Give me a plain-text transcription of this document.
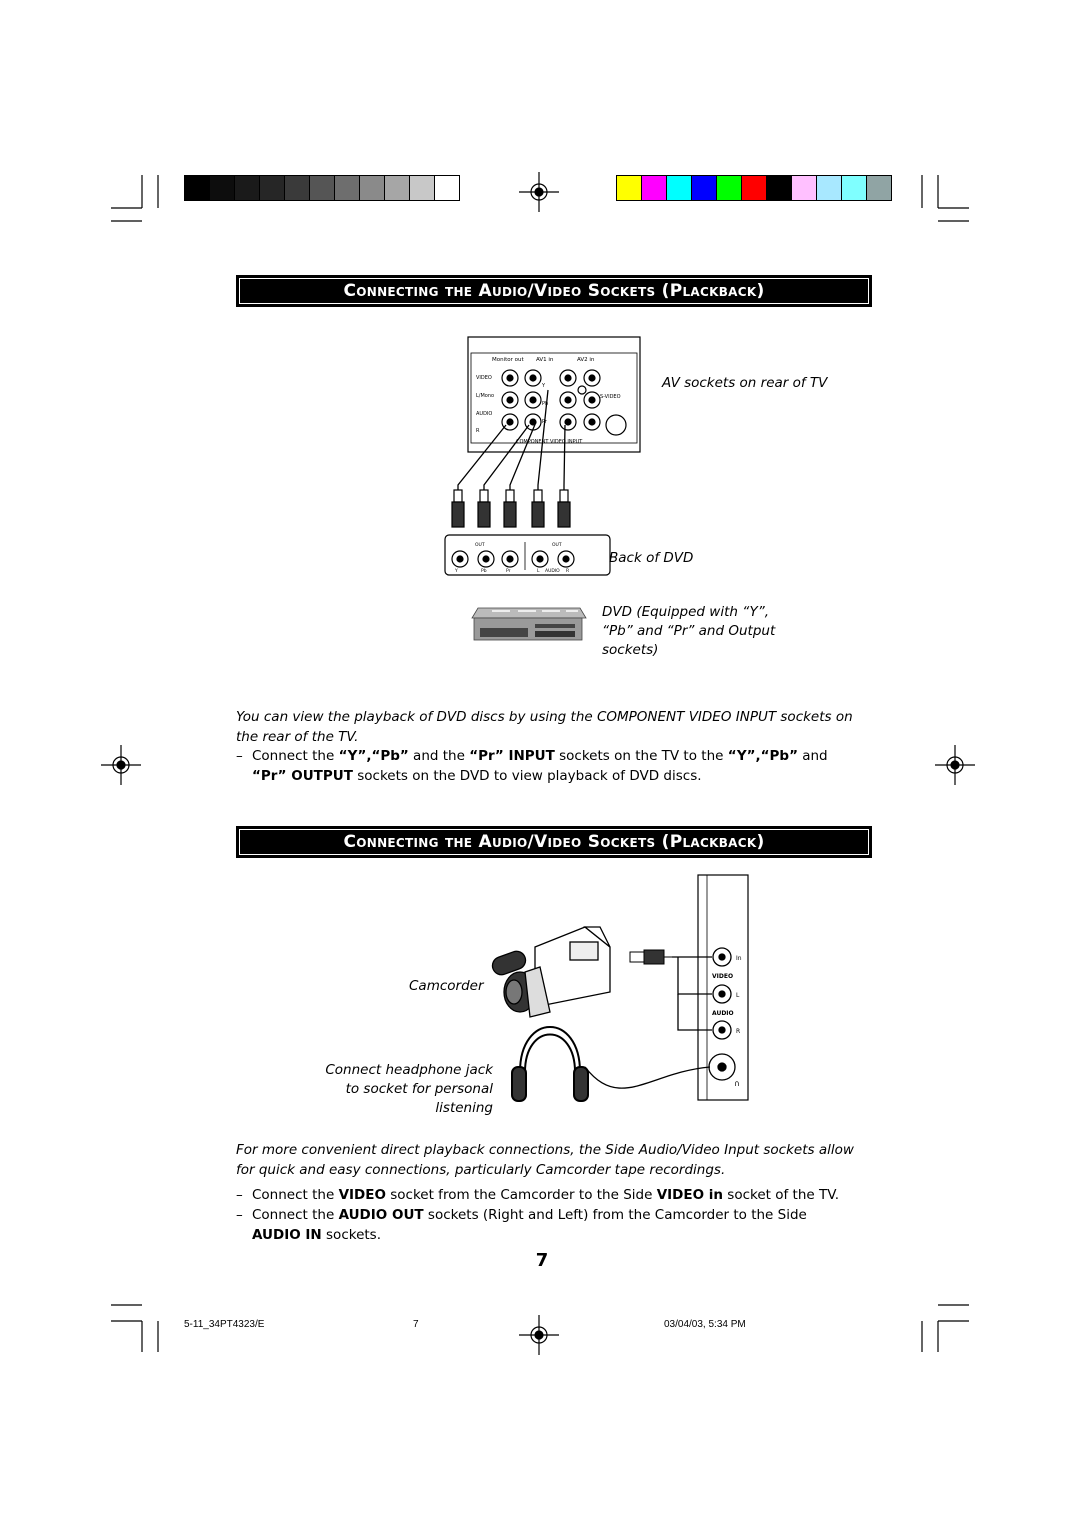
Connecting the Audio/Video Sockets (Plackback)
Monitor out AV1 in	AV2 in
VIDEO
L/Mono
AUDIO
R
Y
Pb
Pr
S-VIDEO
COMPONENT VIDEO INPUT
OUT	OUT
Y	Pb	Pr	L AUDIO R
AV sockets on rear of TV
Back of DVD
DVD (Equipped with “Y”, “Pb” and “Pr” and Output sockets)
You can view the playback of DVD discs by using the COMPONENT VIDEO INPUT sockets on the rear of the TV.
– Connect the “Y”,“Pb” and the “Pr” INPUT sockets on the TV to the “Y”,“Pb” and “Pr” OUTPUT sockets on the DVD to view playback of DVD discs.
Connecting the Audio/Video Sockets (Plackback)
In
VIDEO
L
AUDIO
R
∩
Camcorder
Connect headphone jack to socket for personal listening
For more convenient direct playback connections, the Side Audio/Video Input sockets allow for quick and easy connections, particularly Camcorder tape recordings.
– Connect the VIDEO socket from the Camcorder to the Side VIDEO in socket of the TV.
– Connect the AUDIO OUT sockets (Right and Left) from the Camcorder to the Side AUDIO IN sockets.
7
5-11_34PT4323/E	7	03/04/03, 5:34 PM
